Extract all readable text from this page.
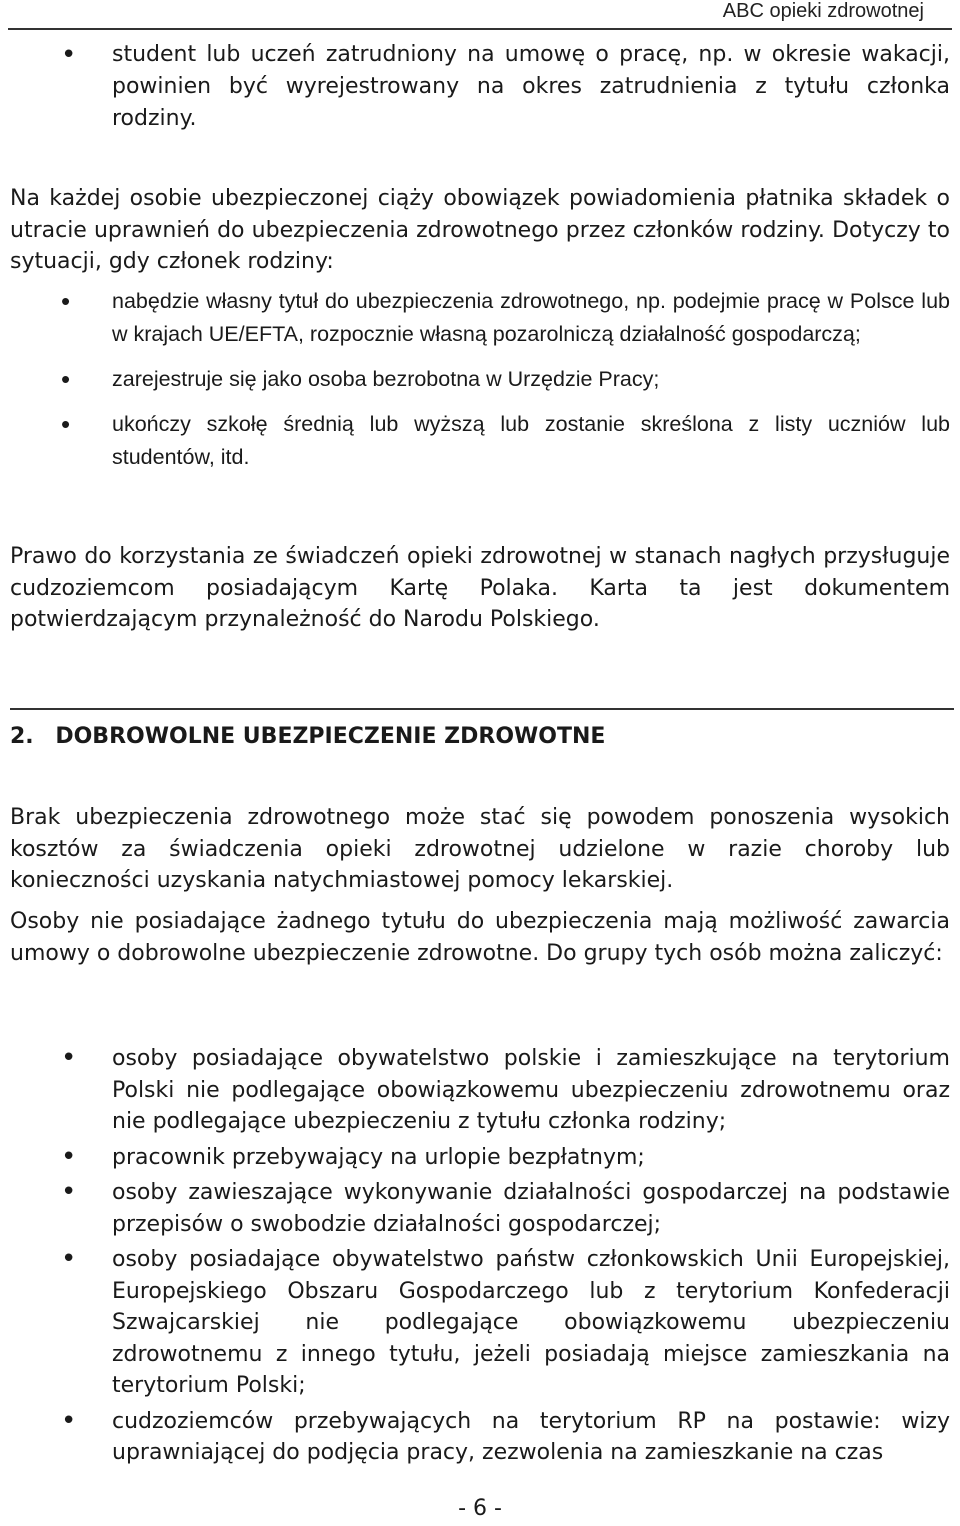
ABC opieki zdrowotnej
• student lub uczeń zatrudniony na umowę o pracę, np. w okresie wakacji, powinien być wyrejestrowany na okres zatrudnienia z tytułu członka rodziny.
Na każdej osobie ubezpieczonej ciąży obowiązek powiadomienia płatnika składek o utracie uprawnień do ubezpieczenia zdrowotnego przez członków rodziny. Dotyczy to sytuacji, gdy członek rodziny:
• nabędzie własny tytuł do ubezpieczenia zdrowotnego, np. podejmie pracę w Polsce lub w krajach UE/EFTA, rozpocznie własną pozarolniczą działalność gospodarczą;
• zarejestruje się jako osoba bezrobotna w Urzędzie Pracy;
• ukończy szkołę średnią lub wyższą lub zostanie skreślona z listy uczniów lub studentów, itd.
Prawo do korzystania ze świadczeń opieki zdrowotnej w stanach nagłych przysługuje cudzoziemcom posiadającym Kartę Polaka. Karta ta jest dokumentem potwierdzającym przynależność do Narodu Polskiego.
2. DOBROWOLNE UBEZPIECZENIE ZDROWOTNE
Brak ubezpieczenia zdrowotnego może stać się powodem ponoszenia wysokich kosztów za świadczenia opieki zdrowotnej udzielone w razie choroby lub konieczności uzyskania natychmiastowej pomocy lekarskiej.
Osoby nie posiadające żadnego tytułu do ubezpieczenia mają możliwość zawarcia umowy o dobrowolne ubezpieczenie zdrowotne. Do grupy tych osób można zaliczyć:
• osoby posiadające obywatelstwo polskie i zamieszkujące na terytorium Polski nie podlegające obowiązkowemu ubezpieczeniu zdrowotnemu oraz nie podlegające ubezpieczeniu z tytułu członka rodziny;
• pracownik przebywający na urlopie bezpłatnym;
• osoby zawieszające wykonywanie działalności gospodarczej na podstawie przepisów o swobodzie działalności gospodarczej;
• osoby posiadające obywatelstwo państw członkowskich Unii Europejskiej, Europejskiego Obszaru Gospodarczego lub z terytorium Konfederacji Szwajcarskiej nie podlegające obowiązkowemu ubezpieczeniu zdrowotnemu z innego tytułu, jeżeli posiadają miejsce zamieszkania na terytorium Polski;
• cudzoziemców przebywających na terytorium RP na postawie: wizy uprawniającej do podjęcia pracy, zezwolenia na zamieszkanie na czas
- 6 -
